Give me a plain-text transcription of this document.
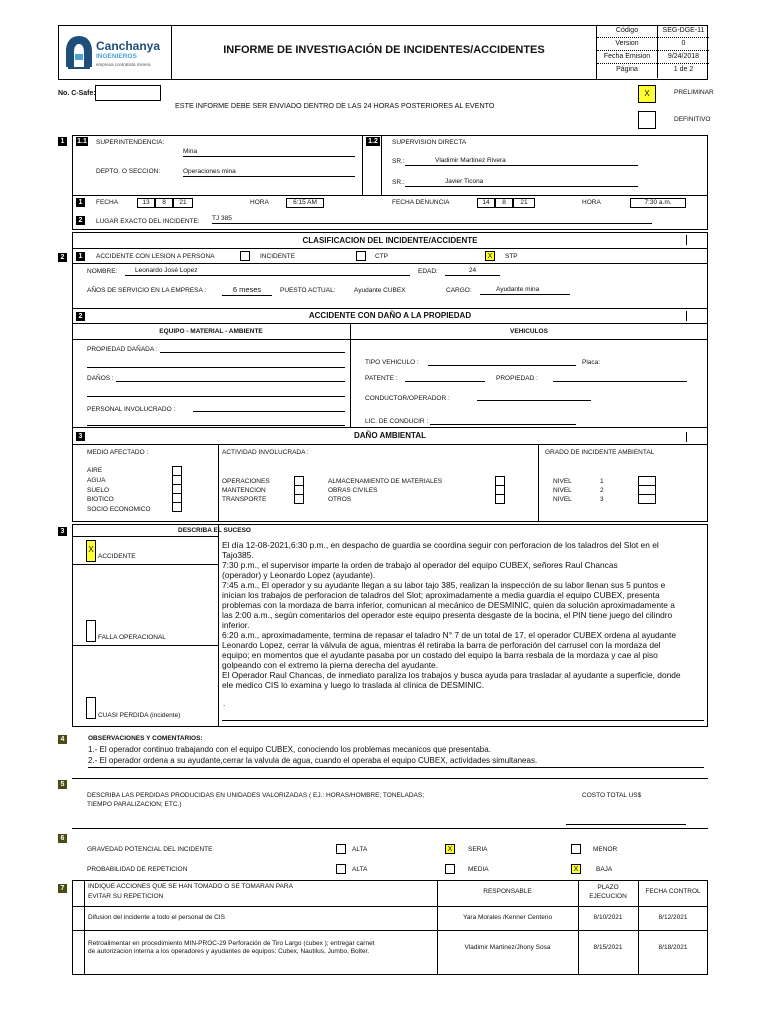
Canchanya
INGENIEROS
empresa contratista minera
INFORME DE INVESTIGACIÓN DE INCIDENTES/ACCIDENTES
Código	SEG-DGE-11
Version	0
Fecha Emision	9/24/2018
Página	1 de 2
No. C-Safe:
ESTE INFORME DEBE SER ENVIADO DENTRO DE LAS 24 HORAS POSTERIORES AL EVENTO
X	PRELIMINAR
DEFINITIVO
1	1.1 SUPERINTENDENCIA:
Mina
DEPTO. O SECCION:	Operaciones mina
1.2	SUPERVISION DIRECTA
SR.:	Vladimir Martinez Rivera
SR.:	Javier Ticona
1	FECHA	13	8	21	HORA	6:15 AM	FECHA DENUNCIA	14	8	21	HORA	7:30 a.m.
2	LUGAR EXACTO DEL INCIDENTE: TJ 385
2
CLASIFICACION DEL INCIDENTE/ACCIDENTE
1	ACCIDENTE CON LESION A PERSONA	INCIDENTE	CTP	X	STP
NOMBRE:	Leonardo José Lopez	EDAD:	24
AÑOS DE SERVICIO EN LA EMPRESA :	6 meses	PUESTO ACTUAL:	Ayudante CUBEX	CARGO:	Ayudante mina
2	ACCIDENTE CON DAÑO A LA PROPIEDAD
EQUIPO - MATERIAL - AMBIENTE	VEHICULOS
PROPIEDAD DAÑADA :
DAÑOS :
PERSONAL INVOLUCRADO :
TIPO VEHICULO :	Placa:
PATENTE :	PROPIEDAD :
CONDUCTOR/OPERADOR :
LIC. DE CONDUCIR :
3	DAÑO AMBIENTAL
MEDIO AFECTADO :
AIRE
AGUA
SUELO
BIOTICO
SOCIO ECONOMICO
ACTIVIDAD INVOLUCRADA :
OPERACIONES
MANTENCION
TRANSPORTE
ALMACENAMIENTO DE MATERIALES
OBRAS CIVILES
OTROS
GRADO DE INCIDENTE AMBIENTAL
NIVEL	1
NIVEL	2
NIVEL	3
3	DESCRIBA EL SUCESO
X
ACCIDENTE
FALLA OPERACIONAL
CUASI PERDIDA (incidente)
El día 12-08-2021,6:30 p.m., en despacho de guardia se coordina seguir con perforacion de los taladros del Slot en el
Tajo385.
7:30 p.m., el supervisor imparte la orden de trabajo al operador del equipo CUBEX, señores Raul Chancas
(operador) y Leonardo Lopez (ayudante).
7:45 a.m., El operador y su ayudante llegan a su labor tajo 385, realizan la inspección de su labor llenan sus 5 puntos e
inician los trabajos de perforacion de taladros del Slot; aproximadamente a media guardia el equipo CUBEX, presenta
problemas con la mordaza de barra inferior, comunican al mecánico de DESMINIC, quien da solución aproximadamente a
las 2:00 a.m., según comentarios del operador este equipo presenta desgaste de la bocina, el PIN tiene juego del cilindro
inferior.
6:20 a.m., aproximadamente, termina de repasar el taladro N° 7 de un total de 17, el operador CUBEX ordena al ayudante
Leonardo Lopez, cerrar la válvula de agua, mientras él retiraba la barra de perforación del carrusel con la mordaza del
equipo; en momentos que el ayudante pasaba por un costado del equipo la barra resbala de la mordaza y cae al piso
golpeando con el extremo la pierna derecha del ayudante.
El Operador Raul Chancas, de inmediato paraliza los trabajos y busca ayuda para trasladar al ayudante a superficie, donde
ele medico CIS lo examina y luego lo traslada al clínica de DESMINIC.
.
4	OBSERVACIONES Y COMENTARIOS:
1.- El operador continuo trabajando con el equipo CUBEX, conociendo los problemas mecanicos que presentaba.
2.- El operador ordena a su ayudante,cerrar la valvula de agua, cuando el operaba el equipo CUBEX, actividades simultaneas.
5
DESCRIBA LAS PERDIDAS PRODUCIDAS EN UNIDADES VALORIZADAS ( EJ.: HORAS/HOMBRE; TONELADAS;
TIEMPO PARALIZACION; ETC.)
COSTO TOTAL US$
6
GRAVEDAD POTENCIAL DEL INCIDENTE	ALTA	X	SERIA	MENOR
PROBABILIDAD DE REPETICION	ALTA	MEDIA	X	BAJA
7	INDIQUE ACCIONES QUE SE HAN TOMADO O SE TOMARAN PARA
EVITAR SU REPETICION
RESPONSABLE
PLAZO
EJECUCION
FECHA CONTROL
Difusion del incidente a todo el personal de CIS	Yara Morales /Kenner Centeno	8/10/2021	8/12/2021
Retroalimentar en procedimiento MIN-PROC-29 Perforación de Tiro Largo (cubex ); entregar carnet
de autorizacion interna a los operadores y ayudantes de equipos: Cubex, Nautilus, Jumbo, Bolter.
Vladimir Martinez/Jhony Sosa	8/15/2021	8/18/2021
